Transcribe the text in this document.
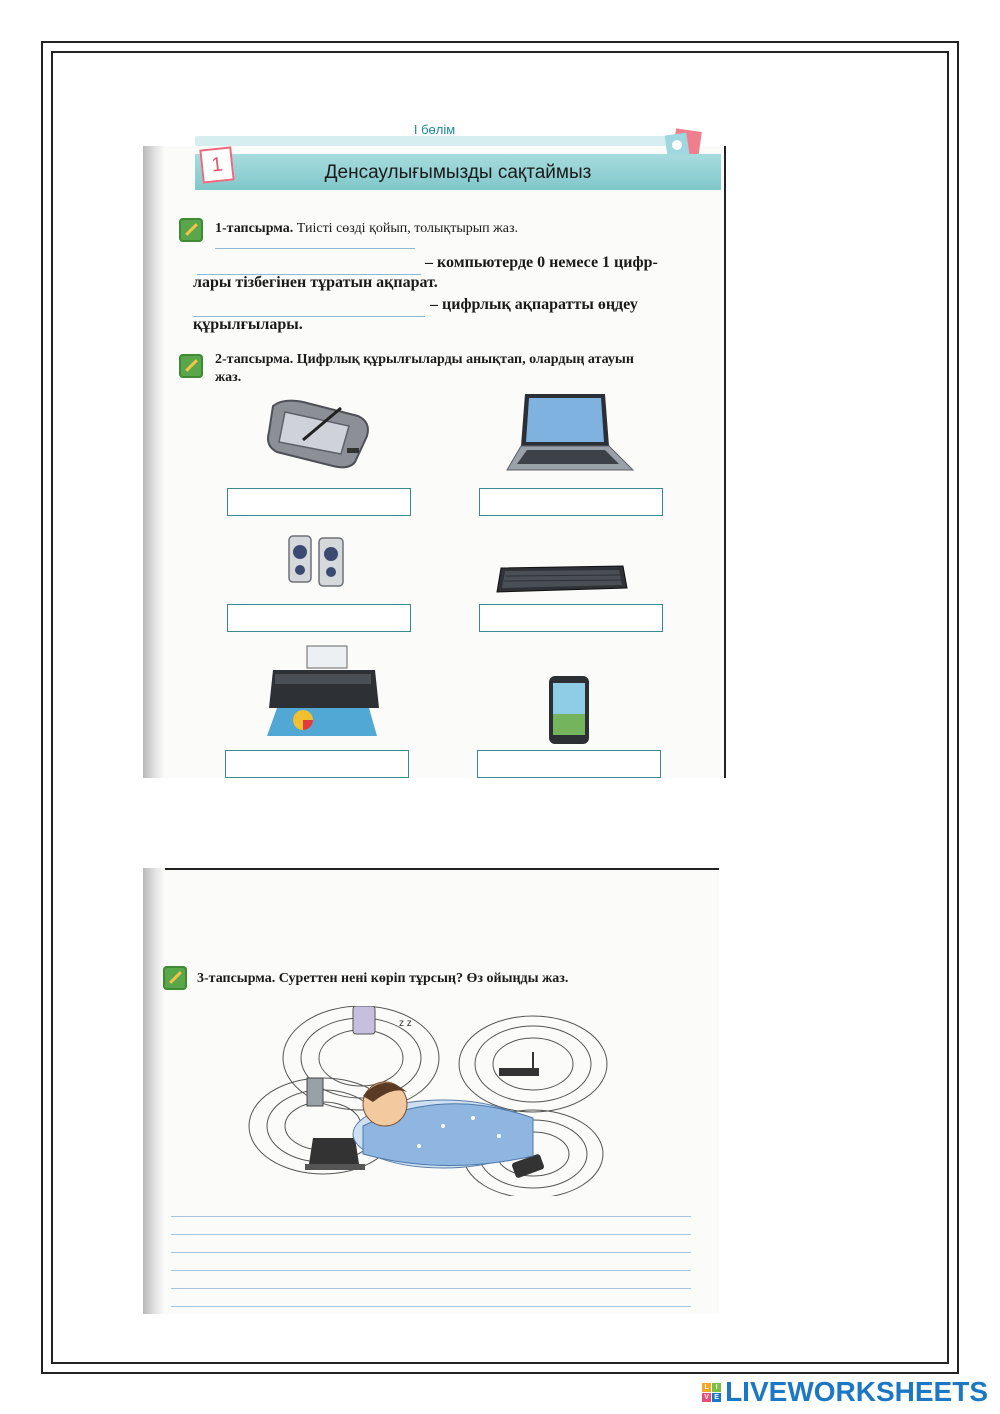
І бөлім
Денсаулығымызды сақтаймыз
1
1-тапсырма. Тиісті сөзді қойып, толықтырып жаз.
– компьютерде 0 немесе 1 цифр-
лары тізбегінен тұратын ақпарат.
– цифрлық ақпаратты өңдеу
құрылғылары.
2-тапсырма. Цифрлық құрылғыларды анықтап, олардың атауын
жаз.
3-тапсырма. Суреттен нені көріп тұрсың? Өз ойыңды жаз.
z z
L I
V E LIVEWORKSHEETS
